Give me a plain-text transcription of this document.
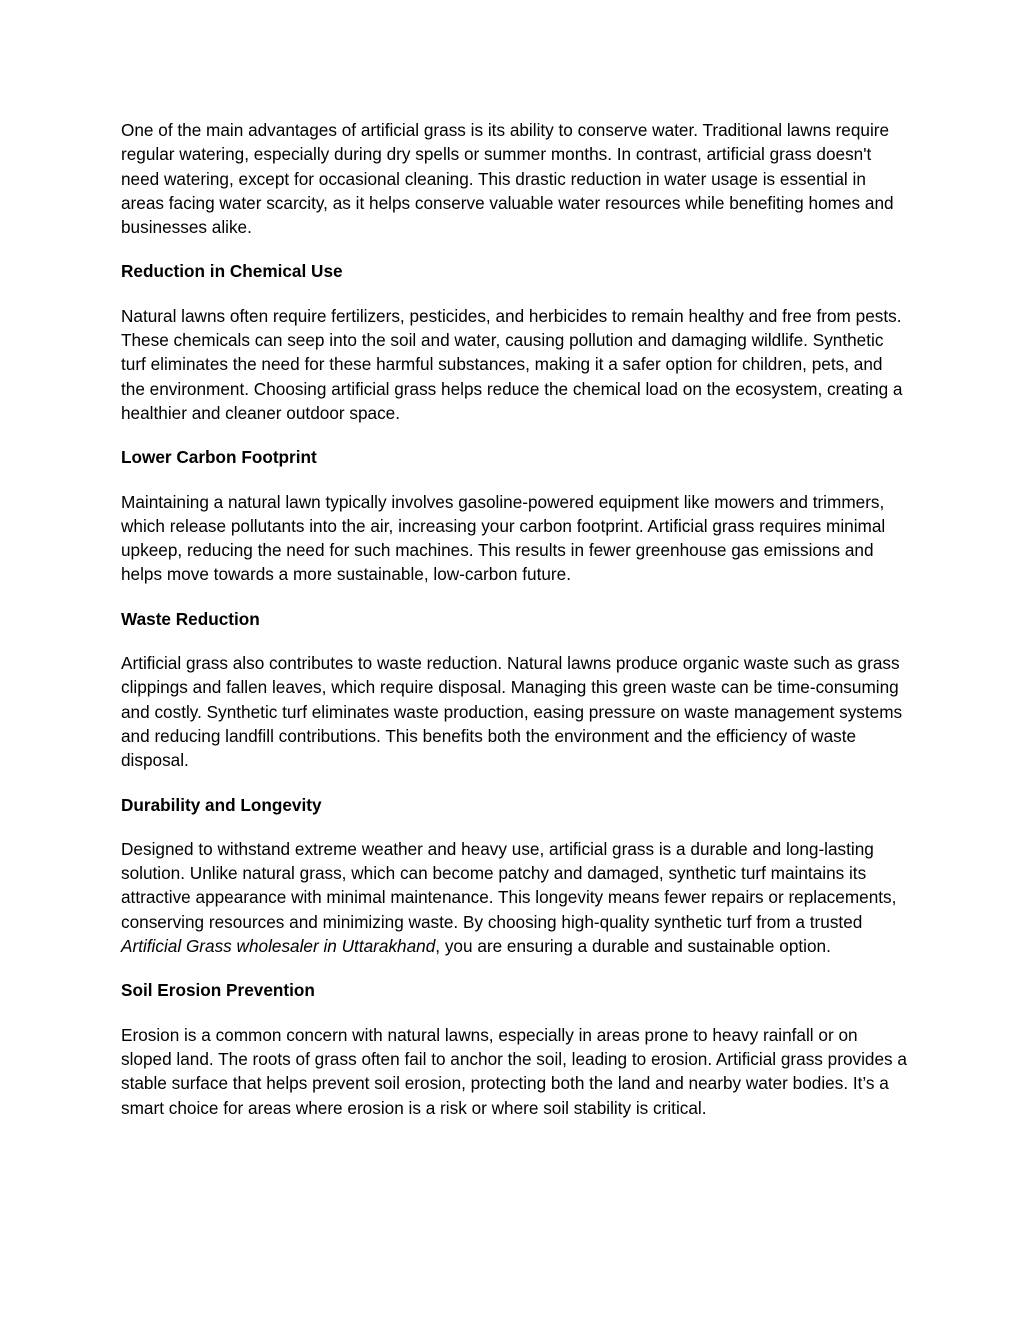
One of the main advantages of artificial grass is its ability to conserve water. Traditional lawns require regular watering, especially during dry spells or summer months. In contrast, artificial grass doesn't need watering, except for occasional cleaning. This drastic reduction in water usage is essential in areas facing water scarcity, as it helps conserve valuable water resources while benefiting homes and businesses alike.

Reduction in Chemical Use

Natural lawns often require fertilizers, pesticides, and herbicides to remain healthy and free from pests. These chemicals can seep into the soil and water, causing pollution and damaging wildlife. Synthetic turf eliminates the need for these harmful substances, making it a safer option for children, pets, and the environment. Choosing artificial grass helps reduce the chemical load on the ecosystem, creating a healthier and cleaner outdoor space.

Lower Carbon Footprint

Maintaining a natural lawn typically involves gasoline-powered equipment like mowers and trimmers, which release pollutants into the air, increasing your carbon footprint. Artificial grass requires minimal upkeep, reducing the need for such machines. This results in fewer greenhouse gas emissions and helps move towards a more sustainable, low-carbon future.

Waste Reduction

Artificial grass also contributes to waste reduction. Natural lawns produce organic waste such as grass clippings and fallen leaves, which require disposal. Managing this green waste can be time-consuming and costly. Synthetic turf eliminates waste production, easing pressure on waste management systems and reducing landfill contributions. This benefits both the environment and the efficiency of waste disposal.

Durability and Longevity

Designed to withstand extreme weather and heavy use, artificial grass is a durable and long-lasting solution. Unlike natural grass, which can become patchy and damaged, synthetic turf maintains its attractive appearance with minimal maintenance. This longevity means fewer repairs or replacements, conserving resources and minimizing waste. By choosing high-quality synthetic turf from a trusted Artificial Grass wholesaler in Uttarakhand, you are ensuring a durable and sustainable option.

Soil Erosion Prevention

Erosion is a common concern with natural lawns, especially in areas prone to heavy rainfall or on sloped land. The roots of grass often fail to anchor the soil, leading to erosion. Artificial grass provides a stable surface that helps prevent soil erosion, protecting both the land and nearby water bodies. It’s a smart choice for areas where erosion is a risk or where soil stability is critical.
